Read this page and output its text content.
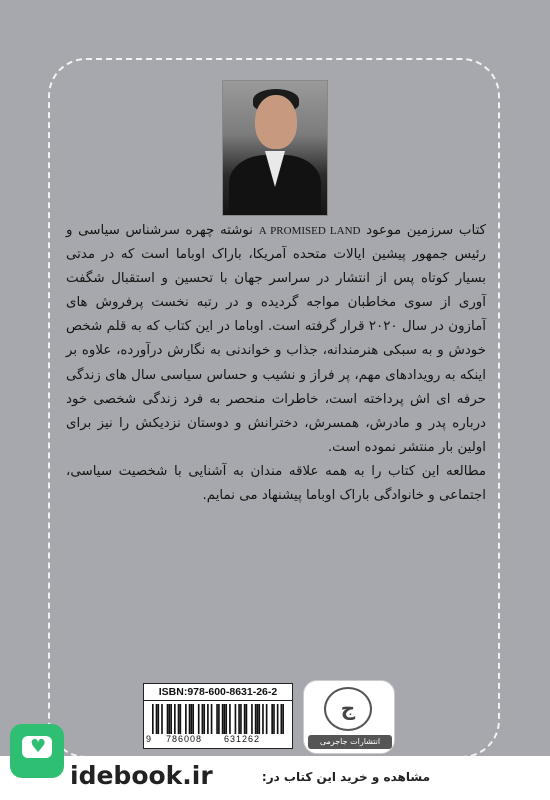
کتاب سرزمین موعود A PROMISED LAND نوشته چهره سرشناس سیاسی و رئیس جمهور پیشین ایالات متحده آمریکا، باراک اوباما است که در مدتی بسیار کوتاه پس از انتشار در سراسر جهان با تحسین و استقبال شگفت آوری از سوی مخاطبان مواجه گردیده و در رتبه نخست پرفروش های آمازون در سال ۲۰۲۰ قرار گرفته است. اوباما در این کتاب که به قلم شخص خودش و به سبکی هنرمندانه، جذاب و خواندنی به نگارش درآورده، علاوه بر اینکه به رویدادهای مهم، پر فراز و نشیب و حساس سیاسی سال های زندگی حرفه ای اش پرداخته است، خاطرات منحصر به فرد زندگی شخصی خود درباره پدر و مادرش، همسرش، دخترانش و دوستان نزدیکش را نیز برای اولین بار منتشر نموده است.

مطالعه این کتاب را به همه علاقه مندان به آشنایی با شخصیت سیاسی، اجتماعی و خانوادگی باراک اوباما پیشنهاد می نمایم.

ISBN:978-600-8631-26-2
9 786008 631262
ج
انتشارات جاجرمی
♥
idebook.ir	مشاهده و خرید این کتاب در:
